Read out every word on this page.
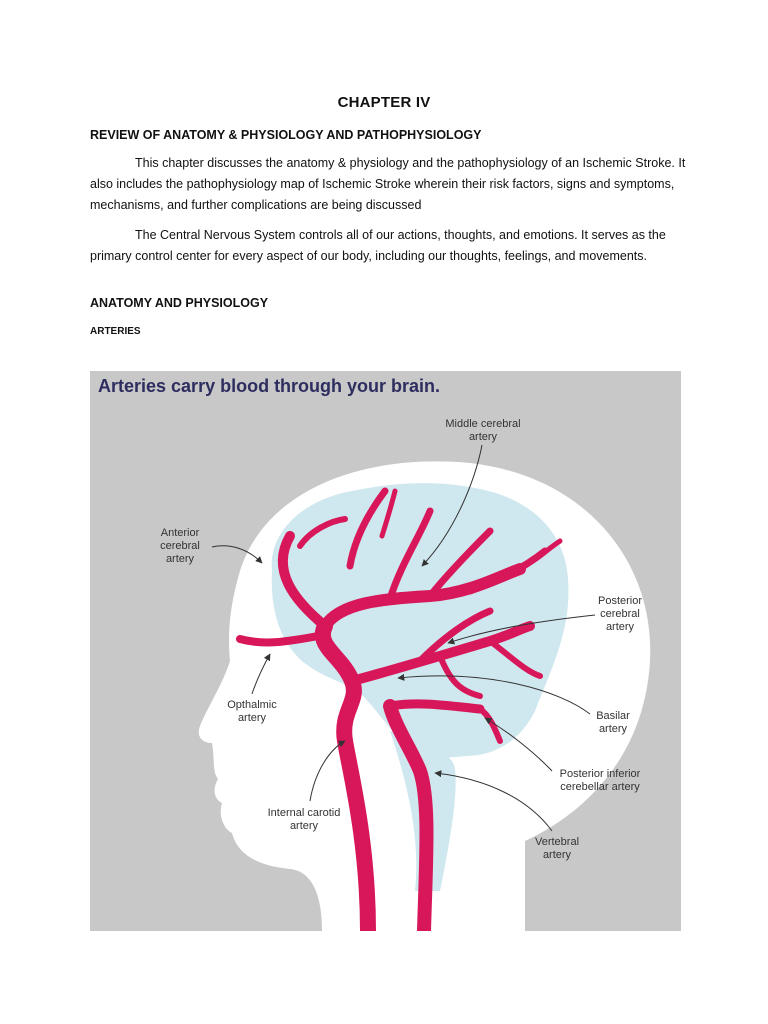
CHAPTER IV
REVIEW OF ANATOMY & PHYSIOLOGY AND PATHOPHYSIOLOGY

This chapter discusses the anatomy & physiology and the pathophysiology of an Ischemic Stroke. It also includes the pathophysiology map of Ischemic Stroke wherein their risk factors, signs and symptoms, mechanisms, and further complications are being discussed

The Central Nervous System controls all of our actions, thoughts, and emotions. It serves as the primary control center for every aspect of our body, including our thoughts, feelings, and movements.

ANATOMY AND PHYSIOLOGY
ARTERIES
Arteries carry blood through your brain.
Middle cerebral
artery
Anterior
cerebral
artery
Posterior
cerebral
artery
Opthalmic
artery	Basilar
artery
Posterior inferior
cerebellar artery
Internal carotid
artery
Vertebral
artery
